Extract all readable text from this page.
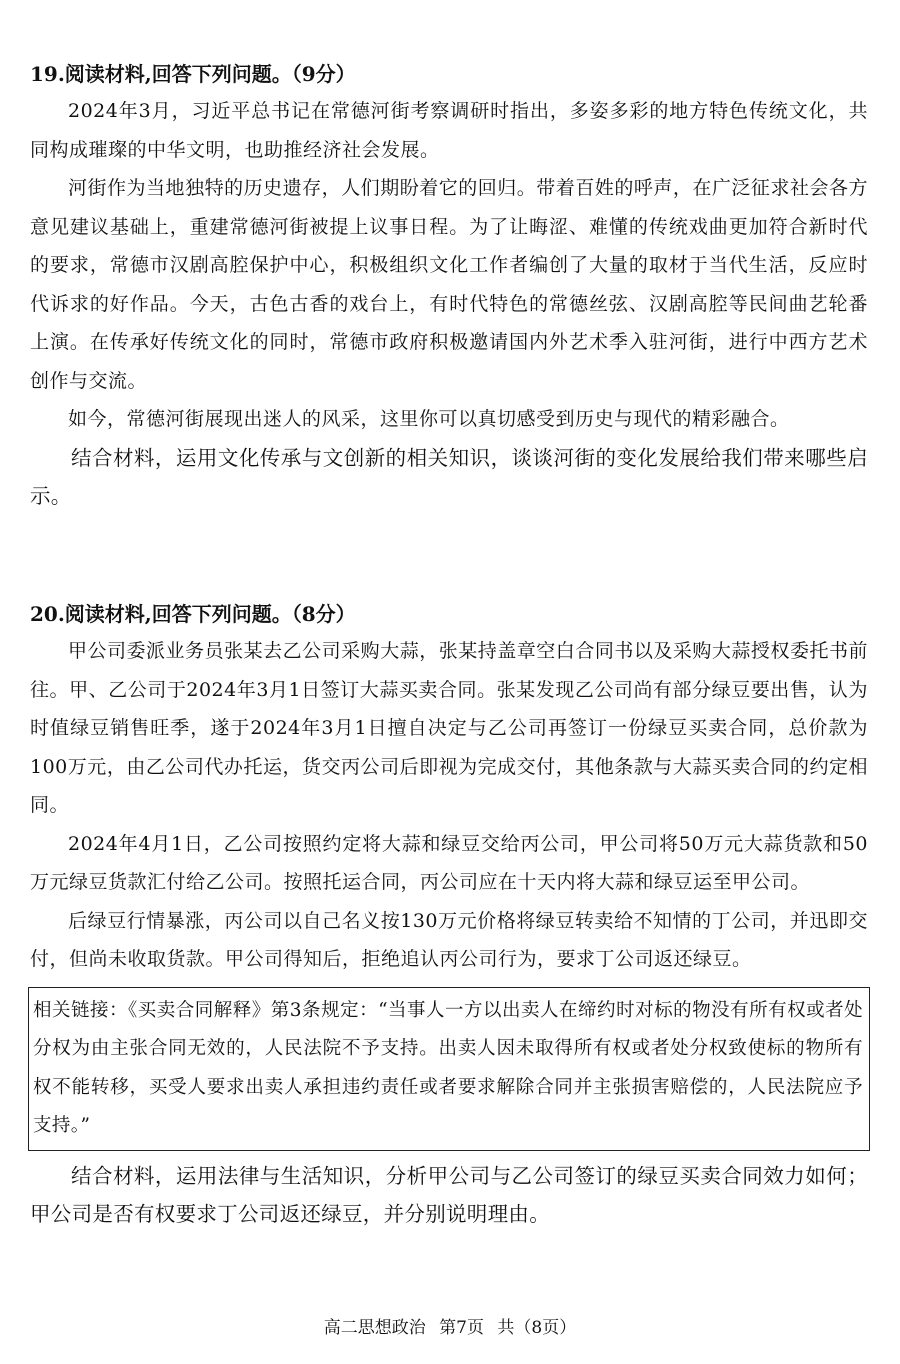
19.阅读材料,回答下列问题。（9分）

2024年3月，习近平总书记在常德河街考察调研时指出，多姿多彩的地方特色传统文化，共同构成璀璨的中华文明，也助推经济社会发展。

河街作为当地独特的历史遗存，人们期盼着它的回归。带着百姓的呼声，在广泛征求社会各方意见建议基础上，重建常德河街被提上议事日程。为了让晦涩、难懂的传统戏曲更加符合新时代的要求，常德市汉剧高腔保护中心，积极组织文化工作者编创了大量的取材于当代生活，反应时代诉求的好作品。今天，古色古香的戏台上，有时代特色的常德丝弦、汉剧高腔等民间曲艺轮番上演。在传承好传统文化的同时，常德市政府积极邀请国内外艺术季入驻河街，进行中西方艺术创作与交流。

如今，常德河街展现出迷人的风采，这里你可以真切感受到历史与现代的精彩融合。

结合材料，运用文化传承与文创新的相关知识，谈谈河街的变化发展给我们带来哪些启示。

20.阅读材料,回答下列问题。（8分）

甲公司委派业务员张某去乙公司采购大蒜，张某持盖章空白合同书以及采购大蒜授权委托书前往。甲、乙公司于2024年3月1日签订大蒜买卖合同。张某发现乙公司尚有部分绿豆要出售，认为时值绿豆销售旺季，遂于2024年3月1日擅自决定与乙公司再签订一份绿豆买卖合同，总价款为100万元，由乙公司代办托运，货交丙公司后即视为完成交付，其他条款与大蒜买卖合同的约定相同。

2024年4月1日，乙公司按照约定将大蒜和绿豆交给丙公司，甲公司将50万元大蒜货款和50万元绿豆货款汇付给乙公司。按照托运合同，丙公司应在十天内将大蒜和绿豆运至甲公司。

后绿豆行情暴涨，丙公司以自己名义按130万元价格将绿豆转卖给不知情的丁公司，并迅即交付，但尚未收取货款。甲公司得知后，拒绝追认丙公司行为，要求丁公司返还绿豆。

相关链接：《买卖合同解释》第3条规定：“当事人一方以出卖人在缔约时对标的物没有所有权或者处分权为由主张合同无效的，人民法院不予支持。出卖人因未取得所有权或者处分权致使标的物所有权不能转移，买受人要求出卖人承担违约责任或者要求解除合同并主张损害赔偿的，人民法院应予支持。”

结合材料，运用法律与生活知识，分析甲公司与乙公司签订的绿豆买卖合同效力如何；甲公司是否有权要求丁公司返还绿豆，并分别说明理由。

高二思想政治 第7页 共（8页）
